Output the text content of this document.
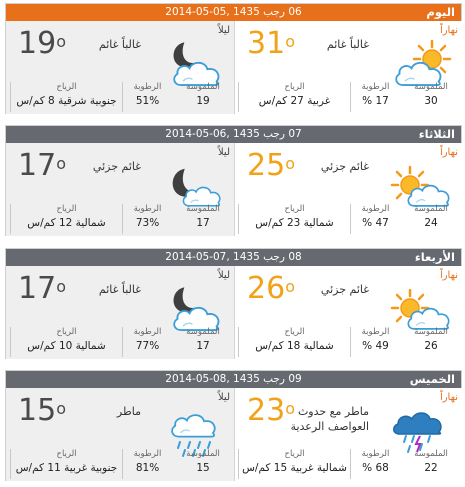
اليوم
06 رجب 1435 ,05-05-2014
نهاراً
31$^o$	غالباً غائم
الملموسة
30
الرطوبة
17 %
الرياح
غربية 27 كم/س
ليلاً
19$^o$	غالباً غائم
الملموسة
19
الرطوبة
51%
الرياح
جنوبية شرقية 8 كم/س
الثلاثاء
07 رجب 1435 ,06-05-2014
نهاراً
25$^o$	غائم جزئي
الملموسة
24
الرطوبة
47 %
الرياح
شمالية 23 كم/س
ليلاً
17$^o$	غائم جزئي
الملموسة
17
الرطوبة
73%
الرياح
شمالية 12 كم/س
الأربعاء
08 رجب 1435 ,07-05-2014
نهاراً
26$^o$	غائم جزئي
الملموسة
26
الرطوبة
49 %
الرياح
شمالية 18 كم/س
ليلاً
17$^o$	غالباً غائم
الملموسة
17
الرطوبة
77%
الرياح
شمالية 10 كم/س
الخميس
09 رجب 1435 ,08-05-2014
نهاراً
23$^o$ ماطر مع حدوث العواصف الرعدية
الملموسة
22
الرطوبة
68 %
الرياح
شمالية غربية 15 كم/س
ليلاً
15$^o$	ماطر
الملموسة
15
الرطوبة
81%
الرياح
جنوبية غربية 11 كم/س
